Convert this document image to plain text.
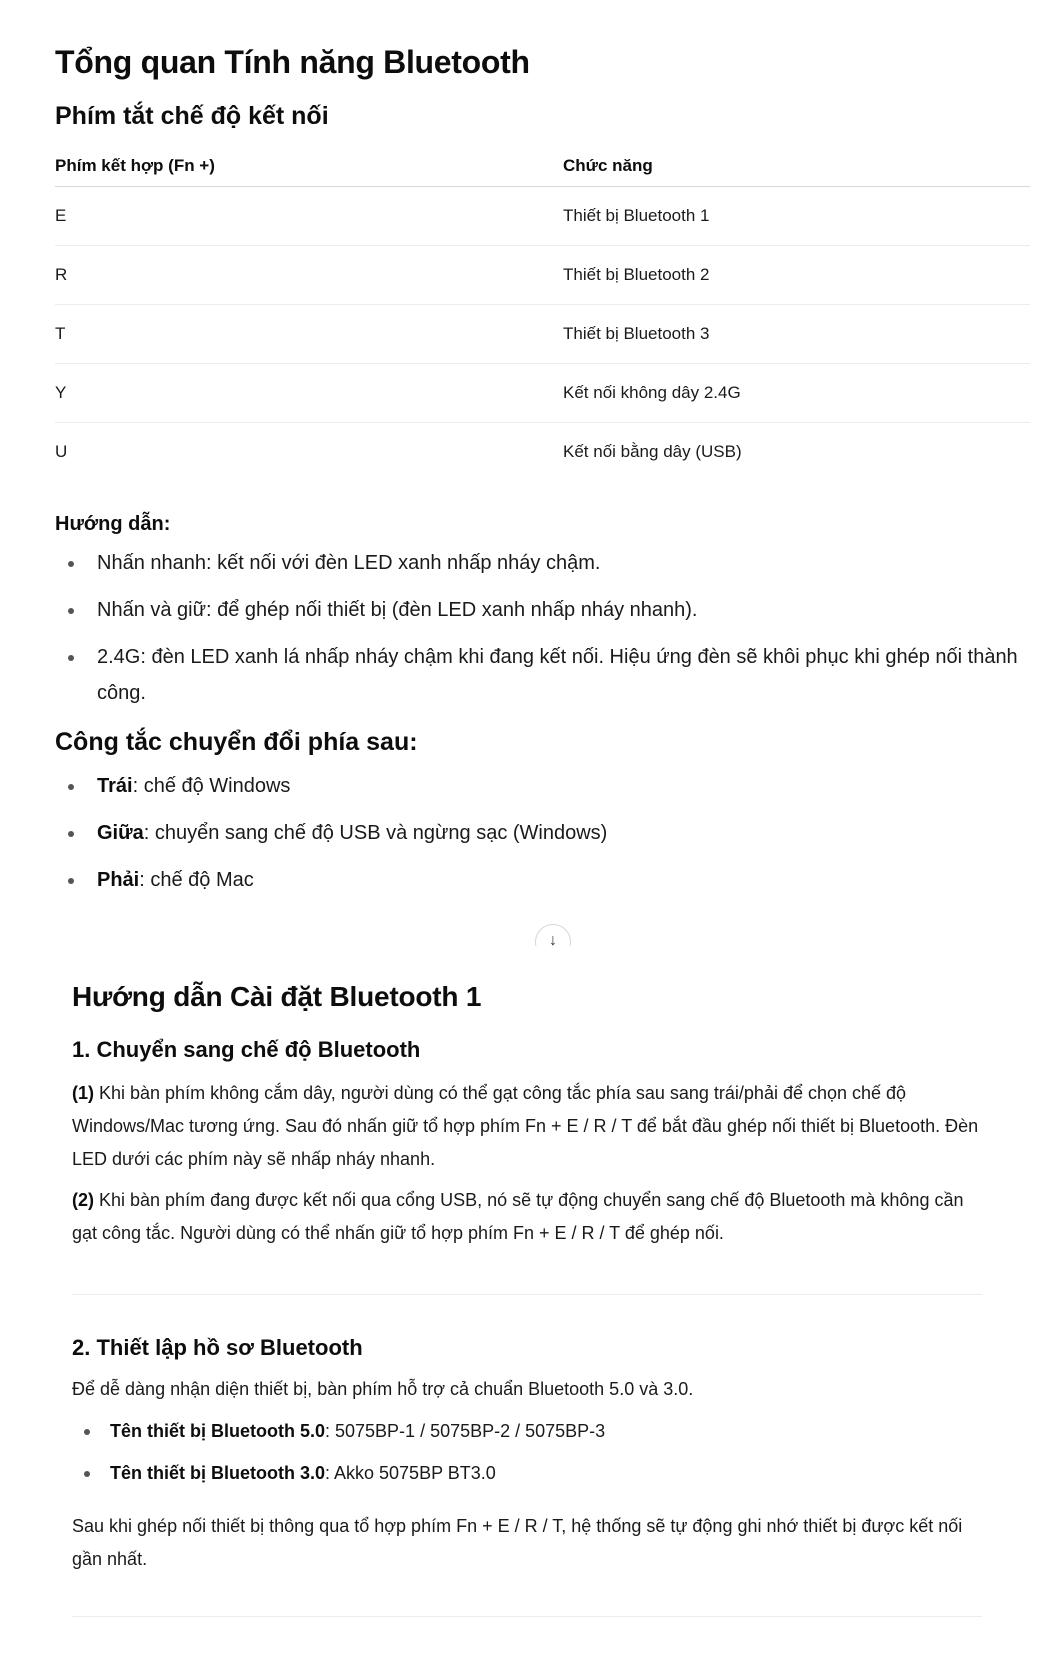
Tổng quan Tính năng Bluetooth
Phím tắt chế độ kết nối
Phím kết hợp (Fn +)	Chức năng
E	Thiết bị Bluetooth 1
R	Thiết bị Bluetooth 2
T	Thiết bị Bluetooth 3
Y	Kết nối không dây 2.4G
U	Kết nối bằng dây (USB)

Hướng dẫn:

Nhấn nhanh: kết nối với đèn LED xanh nhấp nháy chậm.
Nhấn và giữ: để ghép nối thiết bị (đèn LED xanh nhấp nháy nhanh).
2.4G: đèn LED xanh lá nhấp nháy chậm khi đang kết nối. Hiệu ứng đèn sẽ khôi phục khi ghép nối thành công.
Công tắc chuyển đổi phía sau:
Trái: chế độ Windows
Giữa: chuyển sang chế độ USB và ngừng sạc (Windows)
Phải: chế độ Mac
↓
Hướng dẫn Cài đặt Bluetooth 1
1. Chuyển sang chế độ Bluetooth

(1) Khi bàn phím không cắm dây, người dùng có thể gạt công tắc phía sau sang trái/phải để chọn chế độ Windows/Mac tương ứng. Sau đó nhấn giữ tổ hợp phím Fn + E / R / T để bắt đầu ghép nối thiết bị Bluetooth. Đèn LED dưới các phím này sẽ nhấp nháy nhanh.

(2) Khi bàn phím đang được kết nối qua cổng USB, nó sẽ tự động chuyển sang chế độ Bluetooth mà không cần gạt công tắc. Người dùng có thể nhấn giữ tổ hợp phím Fn + E / R / T để ghép nối.

2. Thiết lập hồ sơ Bluetooth

Để dễ dàng nhận diện thiết bị, bàn phím hỗ trợ cả chuẩn Bluetooth 5.0 và 3.0.

Tên thiết bị Bluetooth 5.0: 5075BP-1 / 5075BP-2 / 5075BP-3
Tên thiết bị Bluetooth 3.0: Akko 5075BP BT3.0

Sau khi ghép nối thiết bị thông qua tổ hợp phím Fn + E / R / T, hệ thống sẽ tự động ghi nhớ thiết bị được kết nối gần nhất.
